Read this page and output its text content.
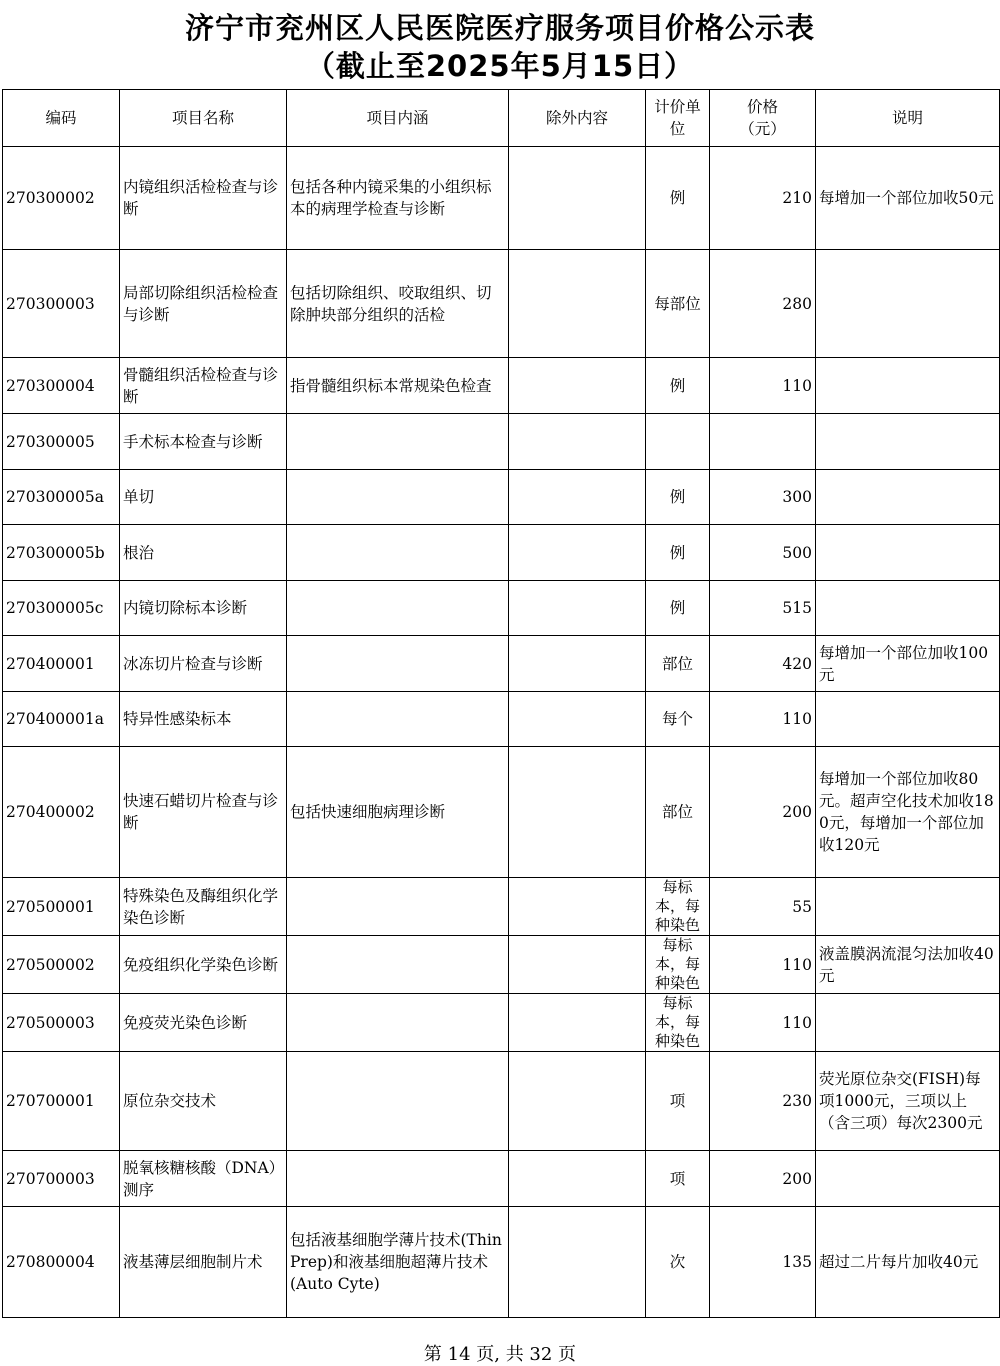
济宁市兖州区人民医院医疗服务项目价格公示表
（截止至2025年5月15日）
编码	项目名称	项目内涵	除外内容	计价单位	价格（元）	说明
270300002	内镜组织活检检查与诊断	包括各种内镜采集的小组织标本的病理学检查与诊断		例	210	每增加一个部位加收50元
270300003	局部切除组织活检检查与诊断	包括切除组织、咬取组织、切除肿块部分组织的活检		每部位	280	
270300004	骨髓组织活检检查与诊断	指骨髓组织标本常规染色检查		例	110	
270300005	手术标本检查与诊断					
270300005a	单切			例	300	
270300005b	根治			例	500	
270300005c	内镜切除标本诊断			例	515	
270400001	冰冻切片检查与诊断			部位	420	每增加一个部位加收100元
270400001a	特异性感染标本			每个	110	
270400002	快速石蜡切片检查与诊断	包括快速细胞病理诊断		部位	200	每增加一个部位加收80元。超声空化技术加收180元，每增加一个部位加收120元
270500001	特殊染色及酶组织化学染色诊断			每标本，每种染色	55	
270500002	免疫组织化学染色诊断			每标本，每种染色	110	液盖膜涡流混匀法加收40元
270500003	免疫荧光染色诊断			每标本，每种染色	110	
270700001	原位杂交技术			项	230	荧光原位杂交(FISH)每项1000元，三项以上（含三项）每次2300元
270700003	脱氧核糖核酸（DNA）测序			项	200	
270800004	液基薄层细胞制片术	包括液基细胞学薄片技术(Thin Prep)和液基细胞超薄片技术(Auto Cyte)		次	135	超过二片每片加收40元
第 14 页, 共 32 页
